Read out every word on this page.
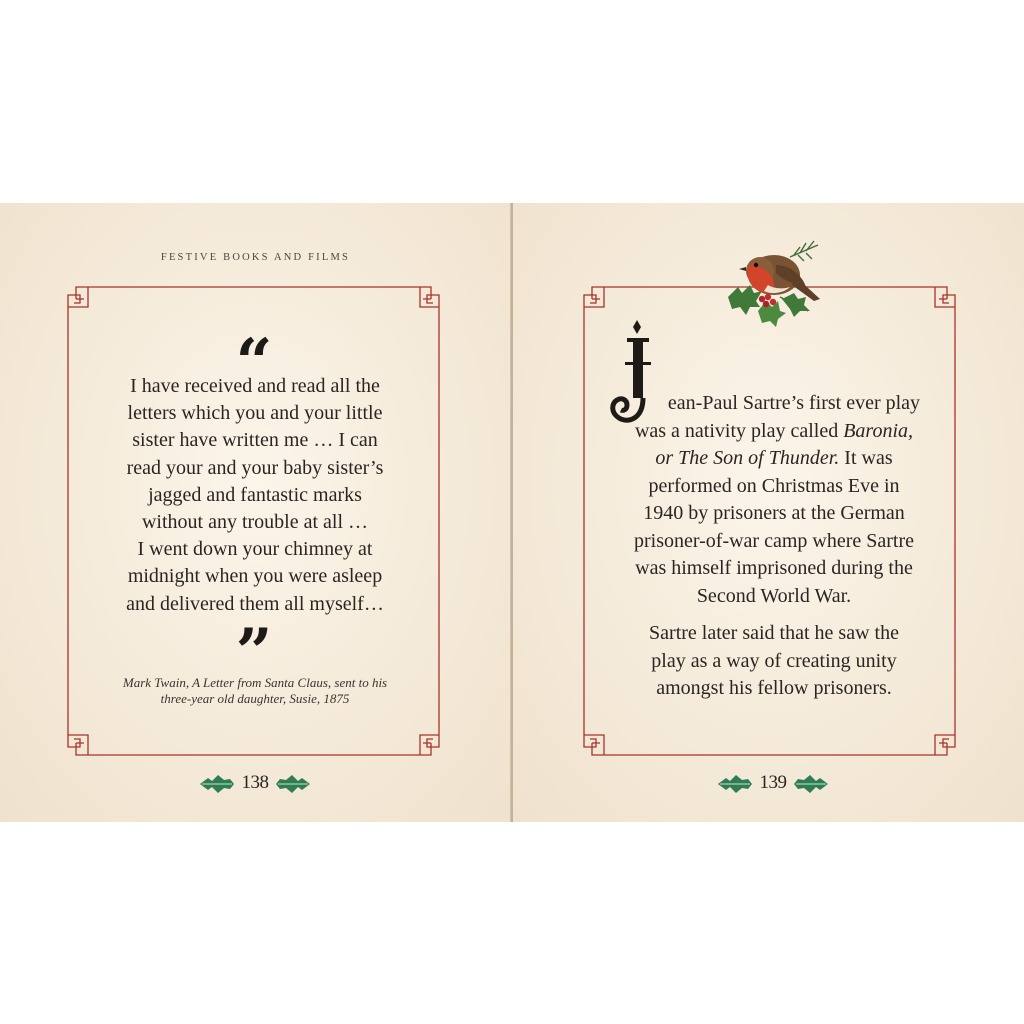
FESTIVE BOOKS AND FILMS
“
I have received and read all the
letters which you and your little
sister have written me … I can
read your and your baby sister’s
jagged and fantastic marks
without any trouble at all …
I went down your chimney at
midnight when you were asleep
and delivered them all myself…
”
Mark Twain, A Letter from Santa Claus, sent to his
three-year old daughter, Susie, 1875
138
J	ean-Paul Sartre’s first ever play
was a nativity play called Baronia,
or The Son of Thunder. It was
performed on Christmas Eve in
1940 by prisoners at the German
prisoner-of-war camp where Sartre
was himself imprisoned during the
Second World War.
Sartre later said that he saw the
play as a way of creating unity
amongst his fellow prisoners.
139
